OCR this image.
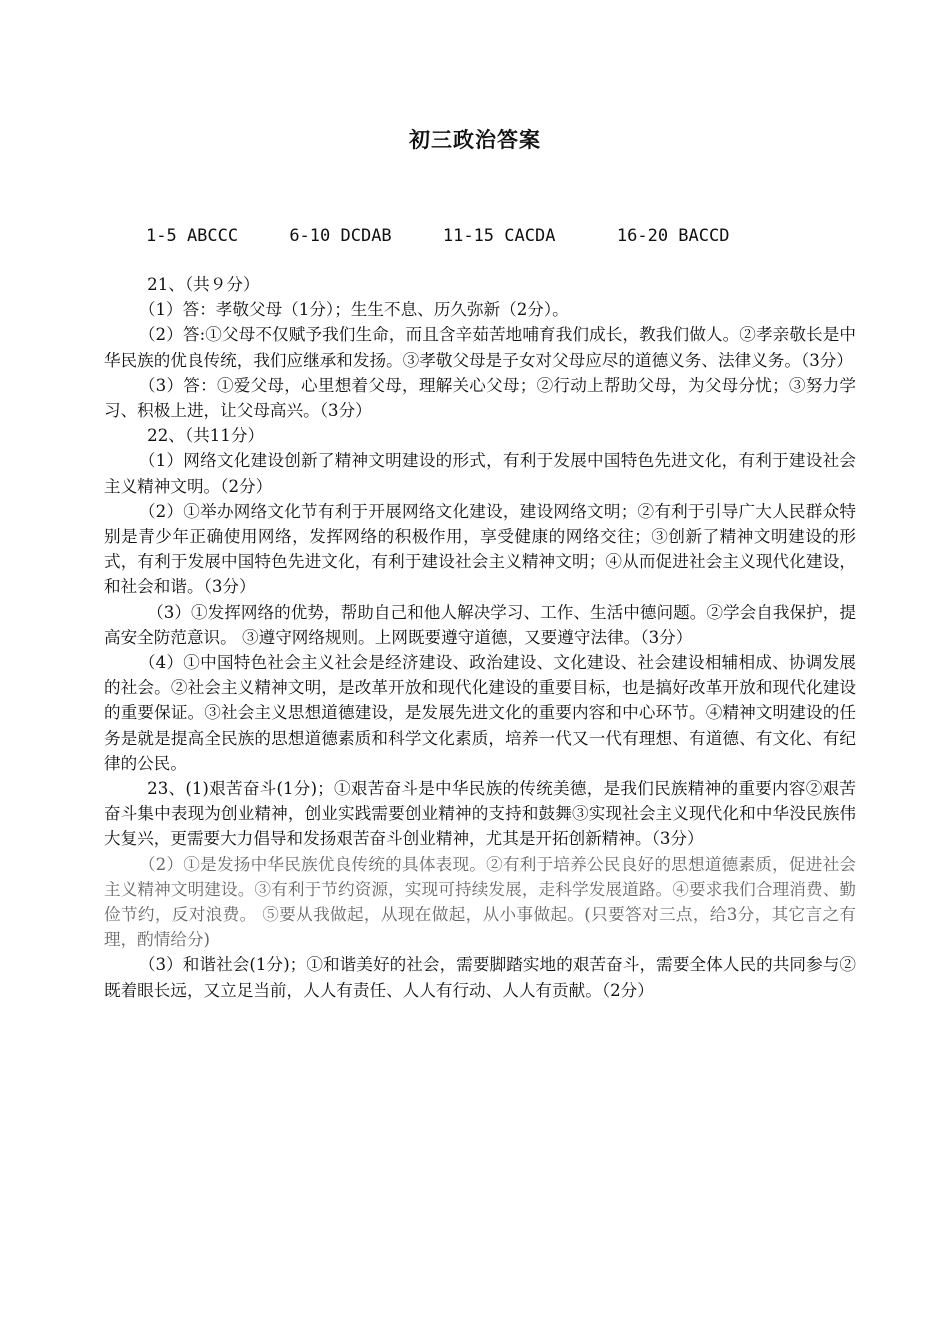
初三政治答案
1-5 ABCCC	6-10 DCDAB	11-15 CACDA	16-20 BACCD

21、（共９分）

（1）答：孝敬父母（1分）；生生不息、历久弥新（2分）。

（2）答:①父母不仅赋予我们生命，而且含辛茹苦地哺育我们成长，教我们做人。②孝亲敬长是中华民族的优良传统，我们应继承和发扬。③孝敬父母是子女对父母应尽的道德义务、法律义务。（3分）

（3）答：①爱父母，心里想着父母，理解关心父母；②行动上帮助父母，为父母分忧；③努力学习、积极上进，让父母高兴。（3分）

22、（共11分）

（1）网络文化建设创新了精神文明建设的形式，有利于发展中国特色先进文化，有利于建设社会主义精神文明。（2分）

（2）①举办网络文化节有利于开展网络文化建设，建设网络文明；②有利于引导广大人民群众特别是青少年正确使用网络，发挥网络的积极作用，享受健康的网络交往；③创新了精神文明建设的形式，有利于发展中国特色先进文化，有利于建设社会主义精神文明；④从而促进社会主义现代化建设，和社会和谐。（3分）

（3）①发挥网络的优势，帮助自己和他人解决学习、工作、生活中德问题。②学会自我保护，提高安全防范意识。 ③遵守网络规则。上网既要遵守道德，又要遵守法律。（3分）

（4）①中国特色社会主义社会是经济建设、政治建设、文化建设、社会建设相辅相成、协调发展的社会。②社会主义精神文明，是改革开放和现代化建设的重要目标，也是搞好改革开放和现代化建设的重要保证。③社会主义思想道德建设，是发展先进文化的重要内容和中心环节。④精神文明建设的任务是就是提高全民族的思想道德素质和科学文化素质，培养一代又一代有理想、有道德、有文化、有纪律的公民。

23、(1)艰苦奋斗(1分)；①艰苦奋斗是中华民族的传统美德，是我们民族精神的重要内容②艰苦奋斗集中表现为创业精神，创业实践需要创业精神的支持和鼓舞③实现社会主义现代化和中华没民族伟大复兴，更需要大力倡导和发扬艰苦奋斗创业精神，尤其是开拓创新精神。（3分）

（2）①是发扬中华民族优良传统的具体表现。②有利于培养公民良好的思想道德素质，促进社会主义精神文明建设。③有利于节约资源，实现可持续发展，走科学发展道路。④要求我们合理消费、勤俭节约，反对浪费。 ⑤要从我做起，从现在做起，从小事做起。(只要答对三点，给3分，其它言之有理，酌情给分)

（3）和谐社会(1分)；①和谐美好的社会，需要脚踏实地的艰苦奋斗，需要全体人民的共同参与②既着眼长远，又立足当前，人人有责任、人人有行动、人人有贡献。（2分）
